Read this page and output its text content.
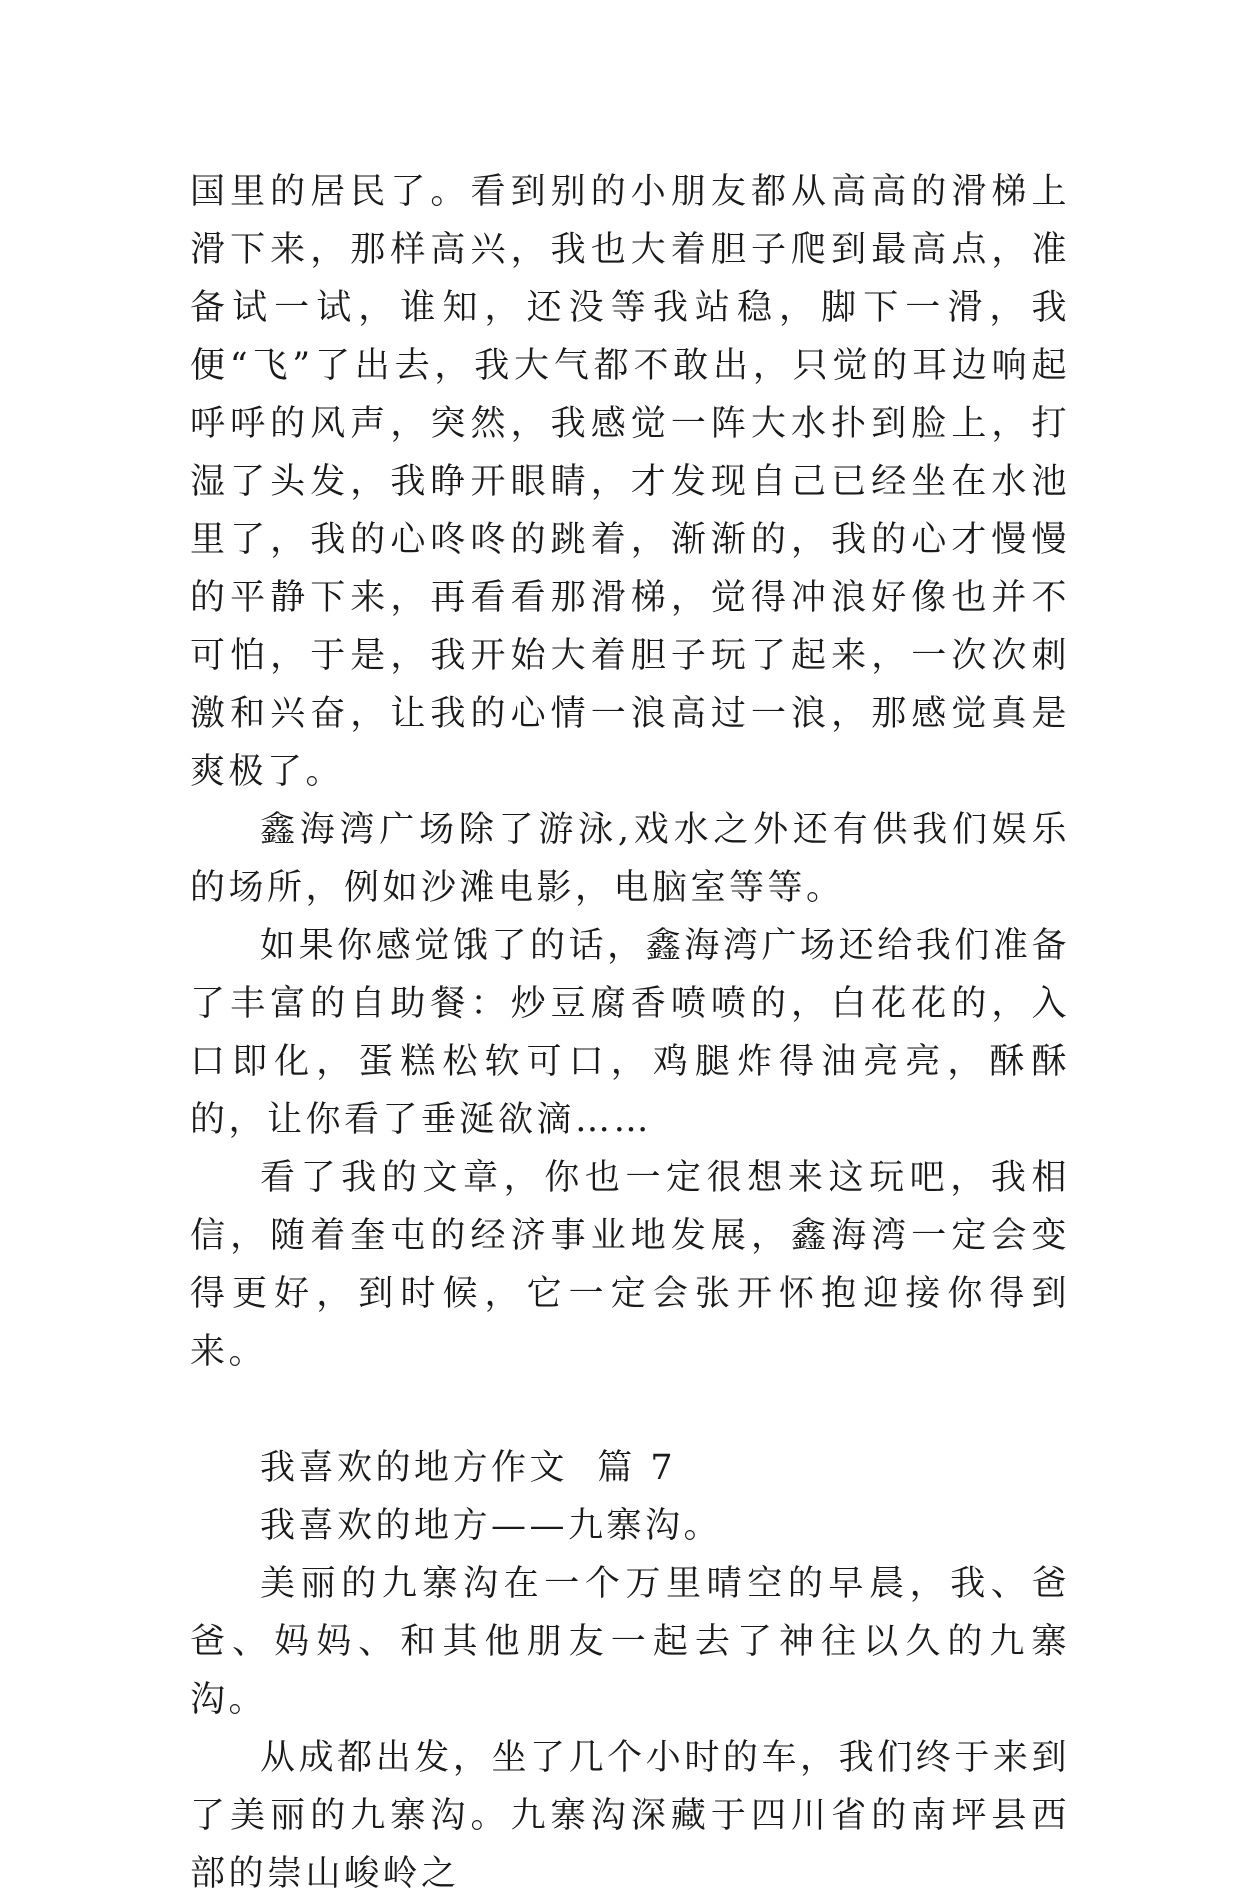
国里的居民了。看到别的小朋友都从高高的滑梯上滑下来，那样高兴，我也大着胆子爬到最高点，准备试一试，谁知，还没等我站稳，脚下一滑，我便“飞”了出去，我大气都不敢出，只觉的耳边响起呼呼的风声，突然，我感觉一阵大水扑到脸上，打湿了头发，我睁开眼睛，才发现自己已经坐在水池里了，我的心咚咚的跳着，渐渐的，我的心才慢慢的平静下来，再看看那滑梯，觉得冲浪好像也并不可怕，于是，我开始大着胆子玩了起来，一次次刺激和兴奋，让我的心情一浪高过一浪，那感觉真是爽极了。

鑫海湾广场除了游泳,戏水之外还有供我们娱乐的场所，例如沙滩电影，电脑室等等。

如果你感觉饿了的话，鑫海湾广场还给我们准备了丰富的自助餐：炒豆腐香喷喷的，白花花的，入口即化，蛋糕松软可口，鸡腿炸得油亮亮，酥酥的，让你看了垂涎欲滴……

看了我的文章，你也一定很想来这玩吧，我相信，随着奎屯的经济事业地发展，鑫海湾一定会变得更好，到时候，它一定会张开怀抱迎接你得到来。

我喜欢的地方作文  篇 7

我喜欢的地方——九寨沟。

美丽的九寨沟在一个万里晴空的早晨，我、爸爸、妈妈、和其他朋友一起去了神往以久的九寨沟。

从成都出发，坐了几个小时的车，我们终于来到了美丽的九寨沟。九寨沟深藏于四川省的南坪县西部的崇山峻岭之
